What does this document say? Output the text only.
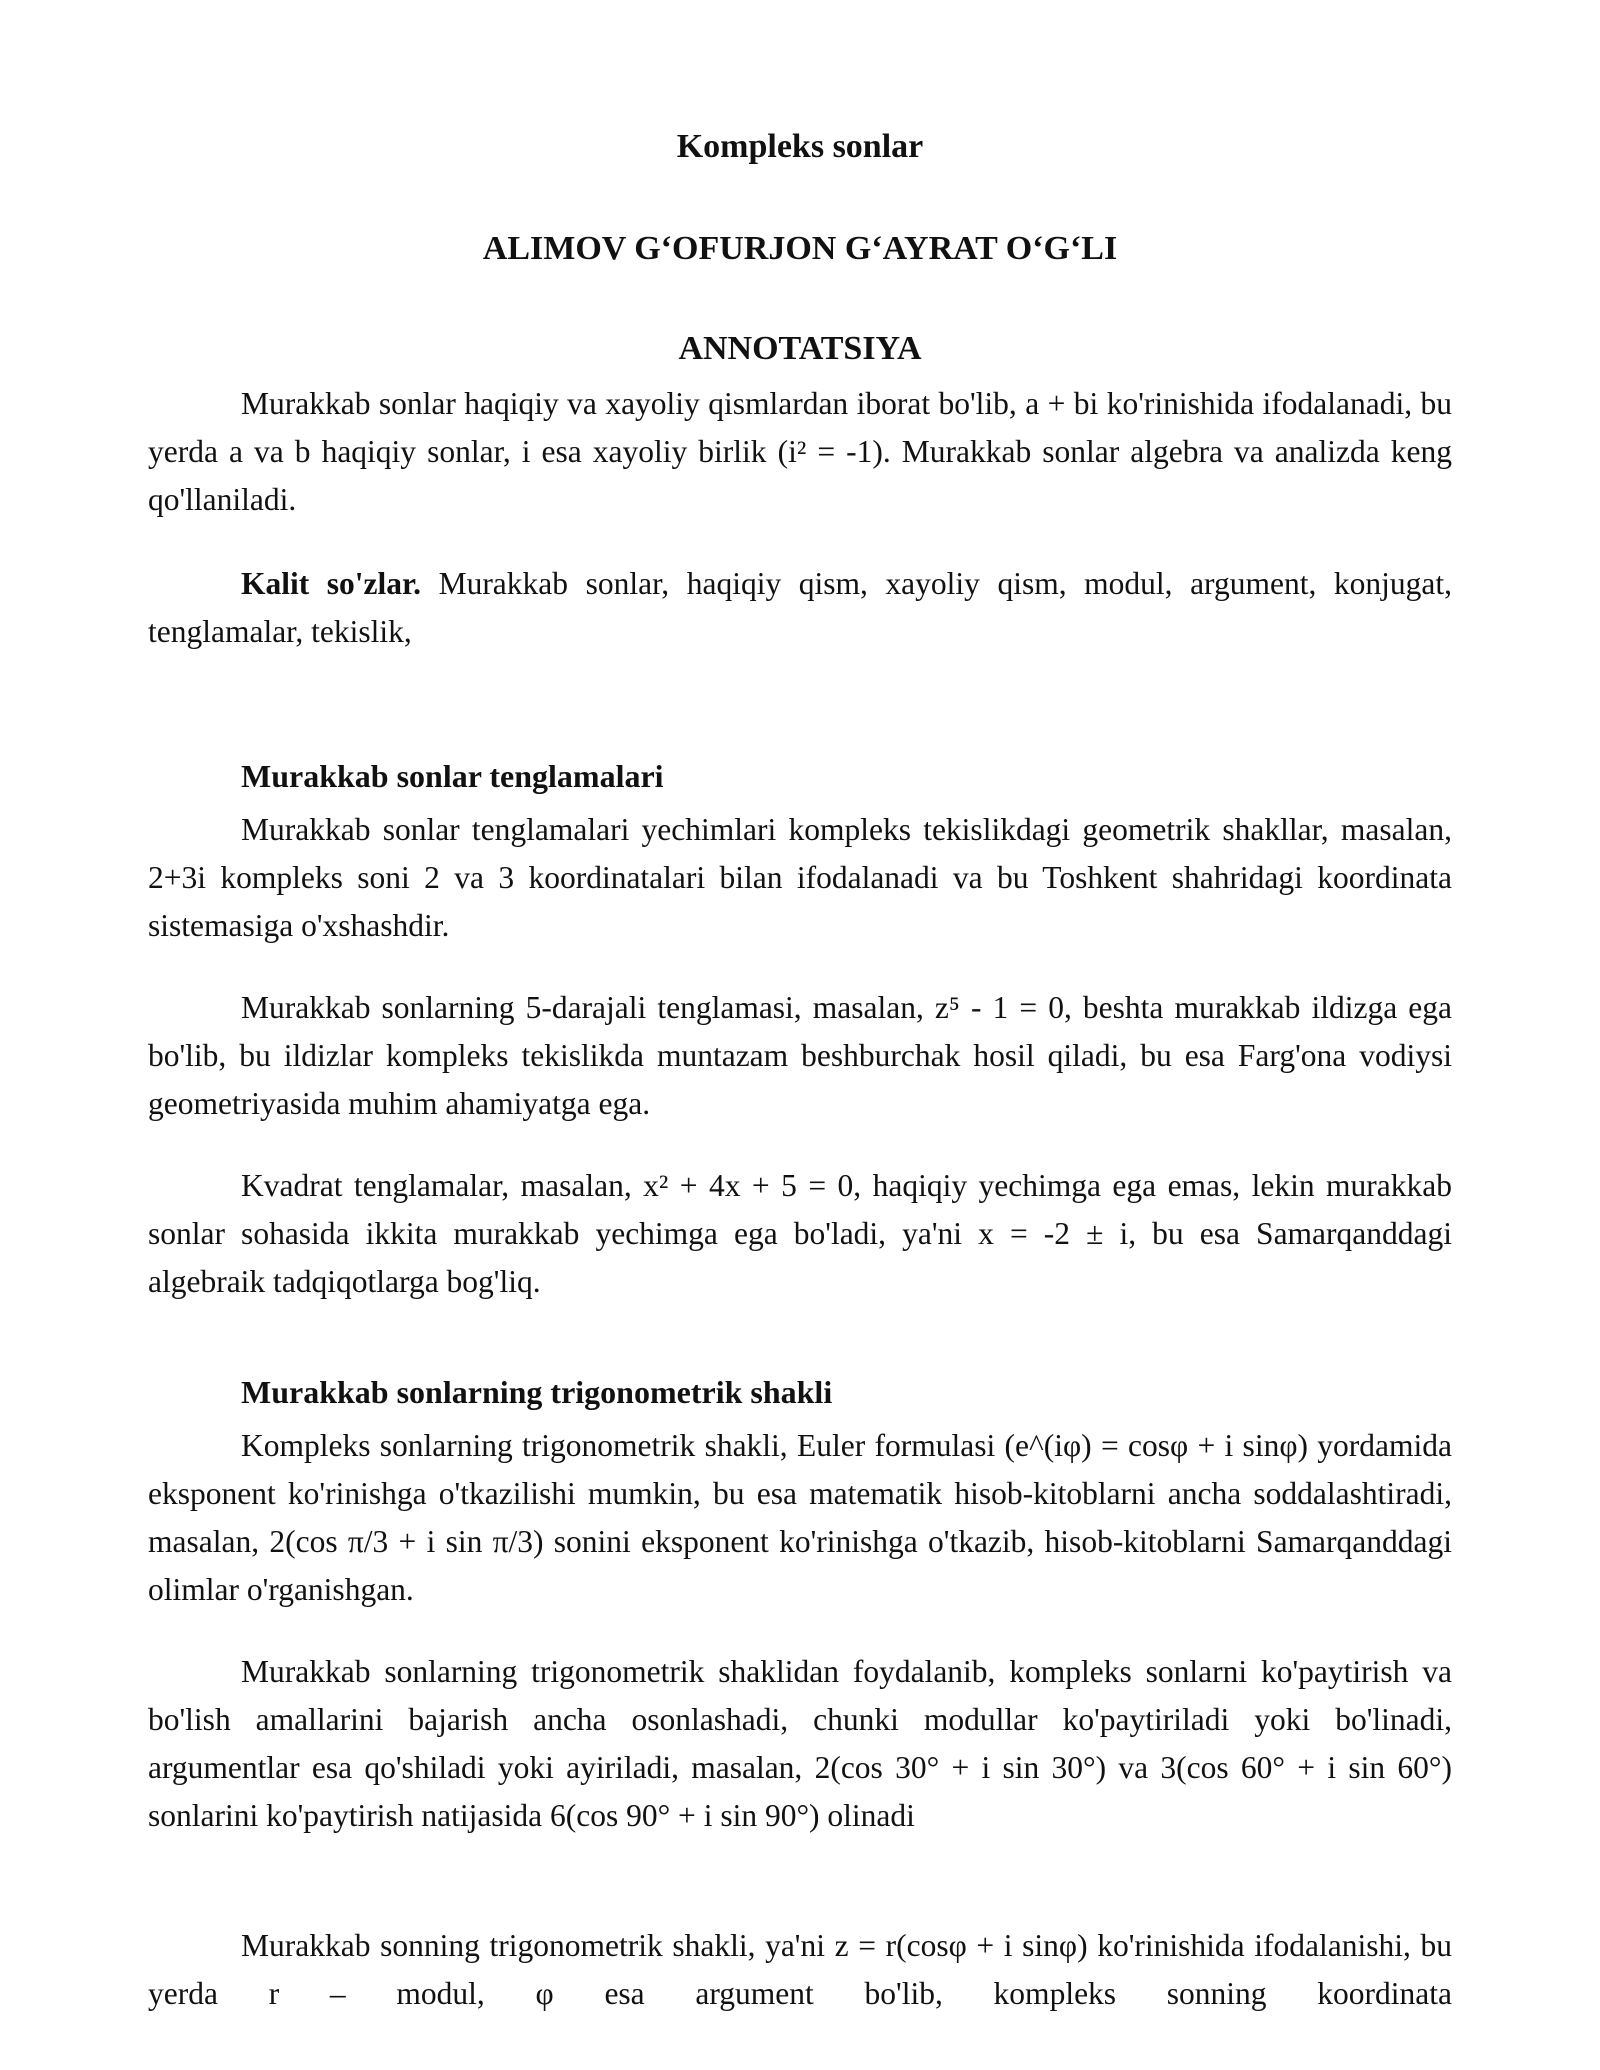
Kompleks sonlar
ALIMOV G‘OFURJON G‘AYRAT O‘G‘LI
ANNOTATSIYA

Murakkab sonlar haqiqiy va xayoliy qismlardan iborat bo'lib, a + bi ko'rinishida ifodalanadi, bu yerda a va b haqiqiy sonlar, i esa xayoliy birlik (i² = -1). Murakkab sonlar algebra va analizda keng qo'llaniladi.

Kalit so'zlar. Murakkab sonlar, haqiqiy qism, xayoliy qism, modul, argument, konjugat, tenglamalar, tekislik,

Murakkab sonlar tenglamalari

Murakkab sonlar tenglamalari yechimlari kompleks tekislikdagi geometrik shakllar, masalan, 2+3i kompleks soni 2 va 3 koordinatalari bilan ifodalanadi va bu Toshkent shahridagi koordinata sistemasiga o'xshashdir.

Murakkab sonlarning 5-darajali tenglamasi, masalan, z⁵ - 1 = 0, beshta murakkab ildizga ega bo'lib, bu ildizlar kompleks tekislikda muntazam beshburchak hosil qiladi, bu esa Farg'ona vodiysi geometriyasida muhim ahamiyatga ega.

Kvadrat tenglamalar, masalan, x² + 4x + 5 = 0, haqiqiy yechimga ega emas, lekin murakkab sonlar sohasida ikkita murakkab yechimga ega bo'ladi, ya'ni x = -2 ± i, bu esa Samarqanddagi algebraik tadqiqotlarga bog'liq.

Murakkab sonlarning trigonometrik shakli

Kompleks sonlarning trigonometrik shakli, Euler formulasi (e^(iφ) = cosφ + i sinφ) yordamida eksponent ko'rinishga o'tkazilishi mumkin, bu esa matematik hisob-kitoblarni ancha soddalashtiradi, masalan, 2(cos π/3 + i sin π/3) sonini eksponent ko'rinishga o'tkazib, hisob-kitoblarni Samarqanddagi olimlar o'rganishgan.

Murakkab sonlarning trigonometrik shaklidan foydalanib, kompleks sonlarni ko'paytirish va bo'lish amallarini bajarish ancha osonlashadi, chunki modullar ko'paytiriladi yoki bo'linadi, argumentlar esa qo'shiladi yoki ayiriladi, masalan, 2(cos 30° + i sin 30°) va 3(cos 60° + i sin 60°) sonlarini ko'paytirish natijasida 6(cos 90° + i sin 90°) olinadi

Murakkab sonning trigonometrik shakli, ya'ni z = r(cosφ + i sinφ) ko'rinishida ifodalanishi, bu yerda r – modul, φ esa argument bo'lib, kompleks sonning koordinata
